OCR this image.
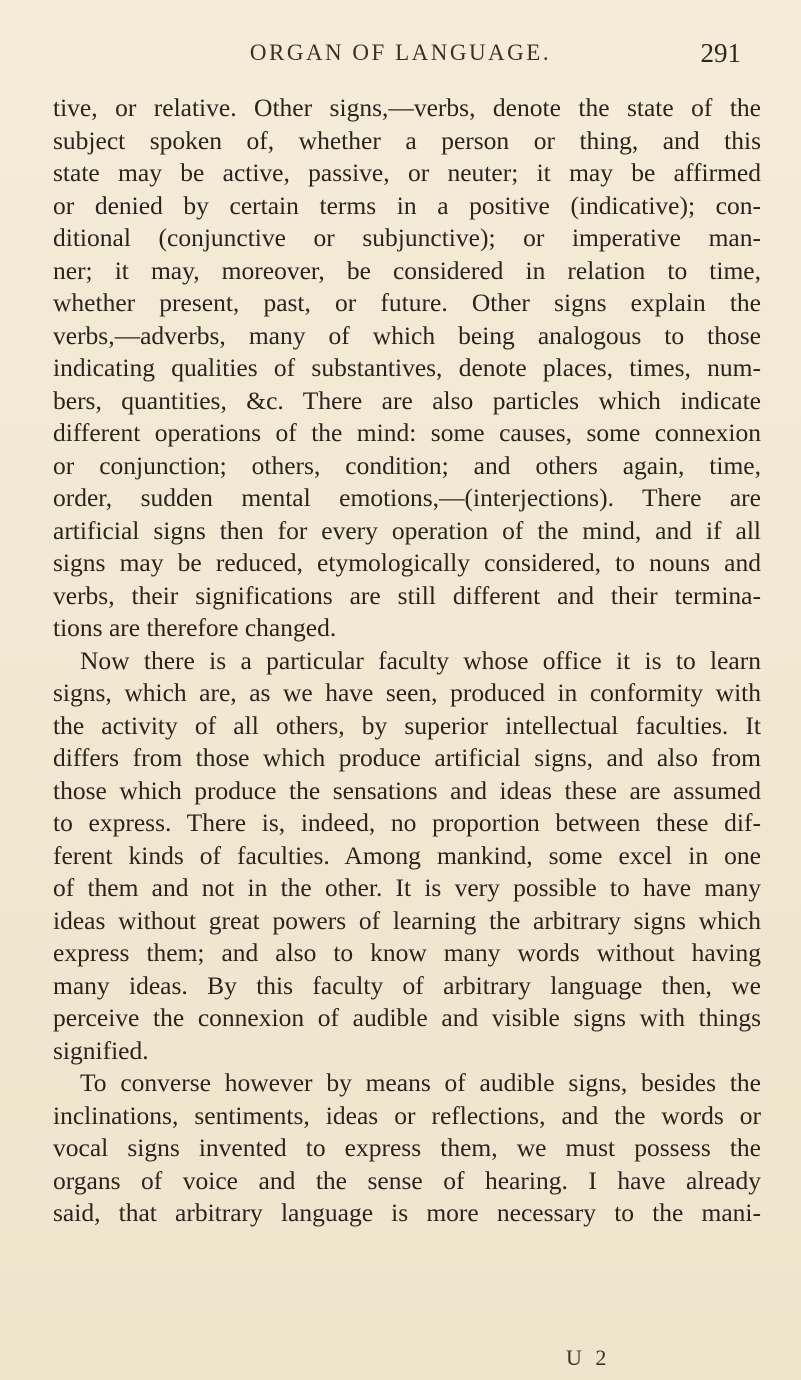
ORGAN OF LANGUAGE.	291
tive, or relative. Other signs,—verbs, denote the state of the
subject spoken of, whether a person or thing, and this
state may be active, passive, or neuter; it may be affirmed
or denied by certain terms in a positive (indicative); con-
ditional (conjunctive or subjunctive); or imperative man-
ner; it may, moreover, be considered in relation to time,
whether present, past, or future. Other signs explain the
verbs,—adverbs, many of which being analogous to those
indicating qualities of substantives, denote places, times, num-
bers, quantities, &c. There are also particles which indicate
different operations of the mind: some causes, some connexion
or conjunction; others, condition; and others again, time,
order, sudden mental emotions,—(interjections). There are
artificial signs then for every operation of the mind, and if all
signs may be reduced, etymologically considered, to nouns and
verbs, their significations are still different and their termina-
tions are therefore changed.
Now there is a particular faculty whose office it is to learn
signs, which are, as we have seen, produced in conformity with
the activity of all others, by superior intellectual faculties. It
differs from those which produce artificial signs, and also from
those which produce the sensations and ideas these are assumed
to express. There is, indeed, no proportion between these dif-
ferent kinds of faculties. Among mankind, some excel in one
of them and not in the other. It is very possible to have many
ideas without great powers of learning the arbitrary signs which
express them; and also to know many words without having
many ideas. By this faculty of arbitrary language then, we
perceive the connexion of audible and visible signs with things
signified.
To converse however by means of audible signs, besides the
inclinations, sentiments, ideas or reflections, and the words or
vocal signs invented to express them, we must possess the
organs of voice and the sense of hearing. I have already
said, that arbitrary language is more necessary to the mani-
U 2
